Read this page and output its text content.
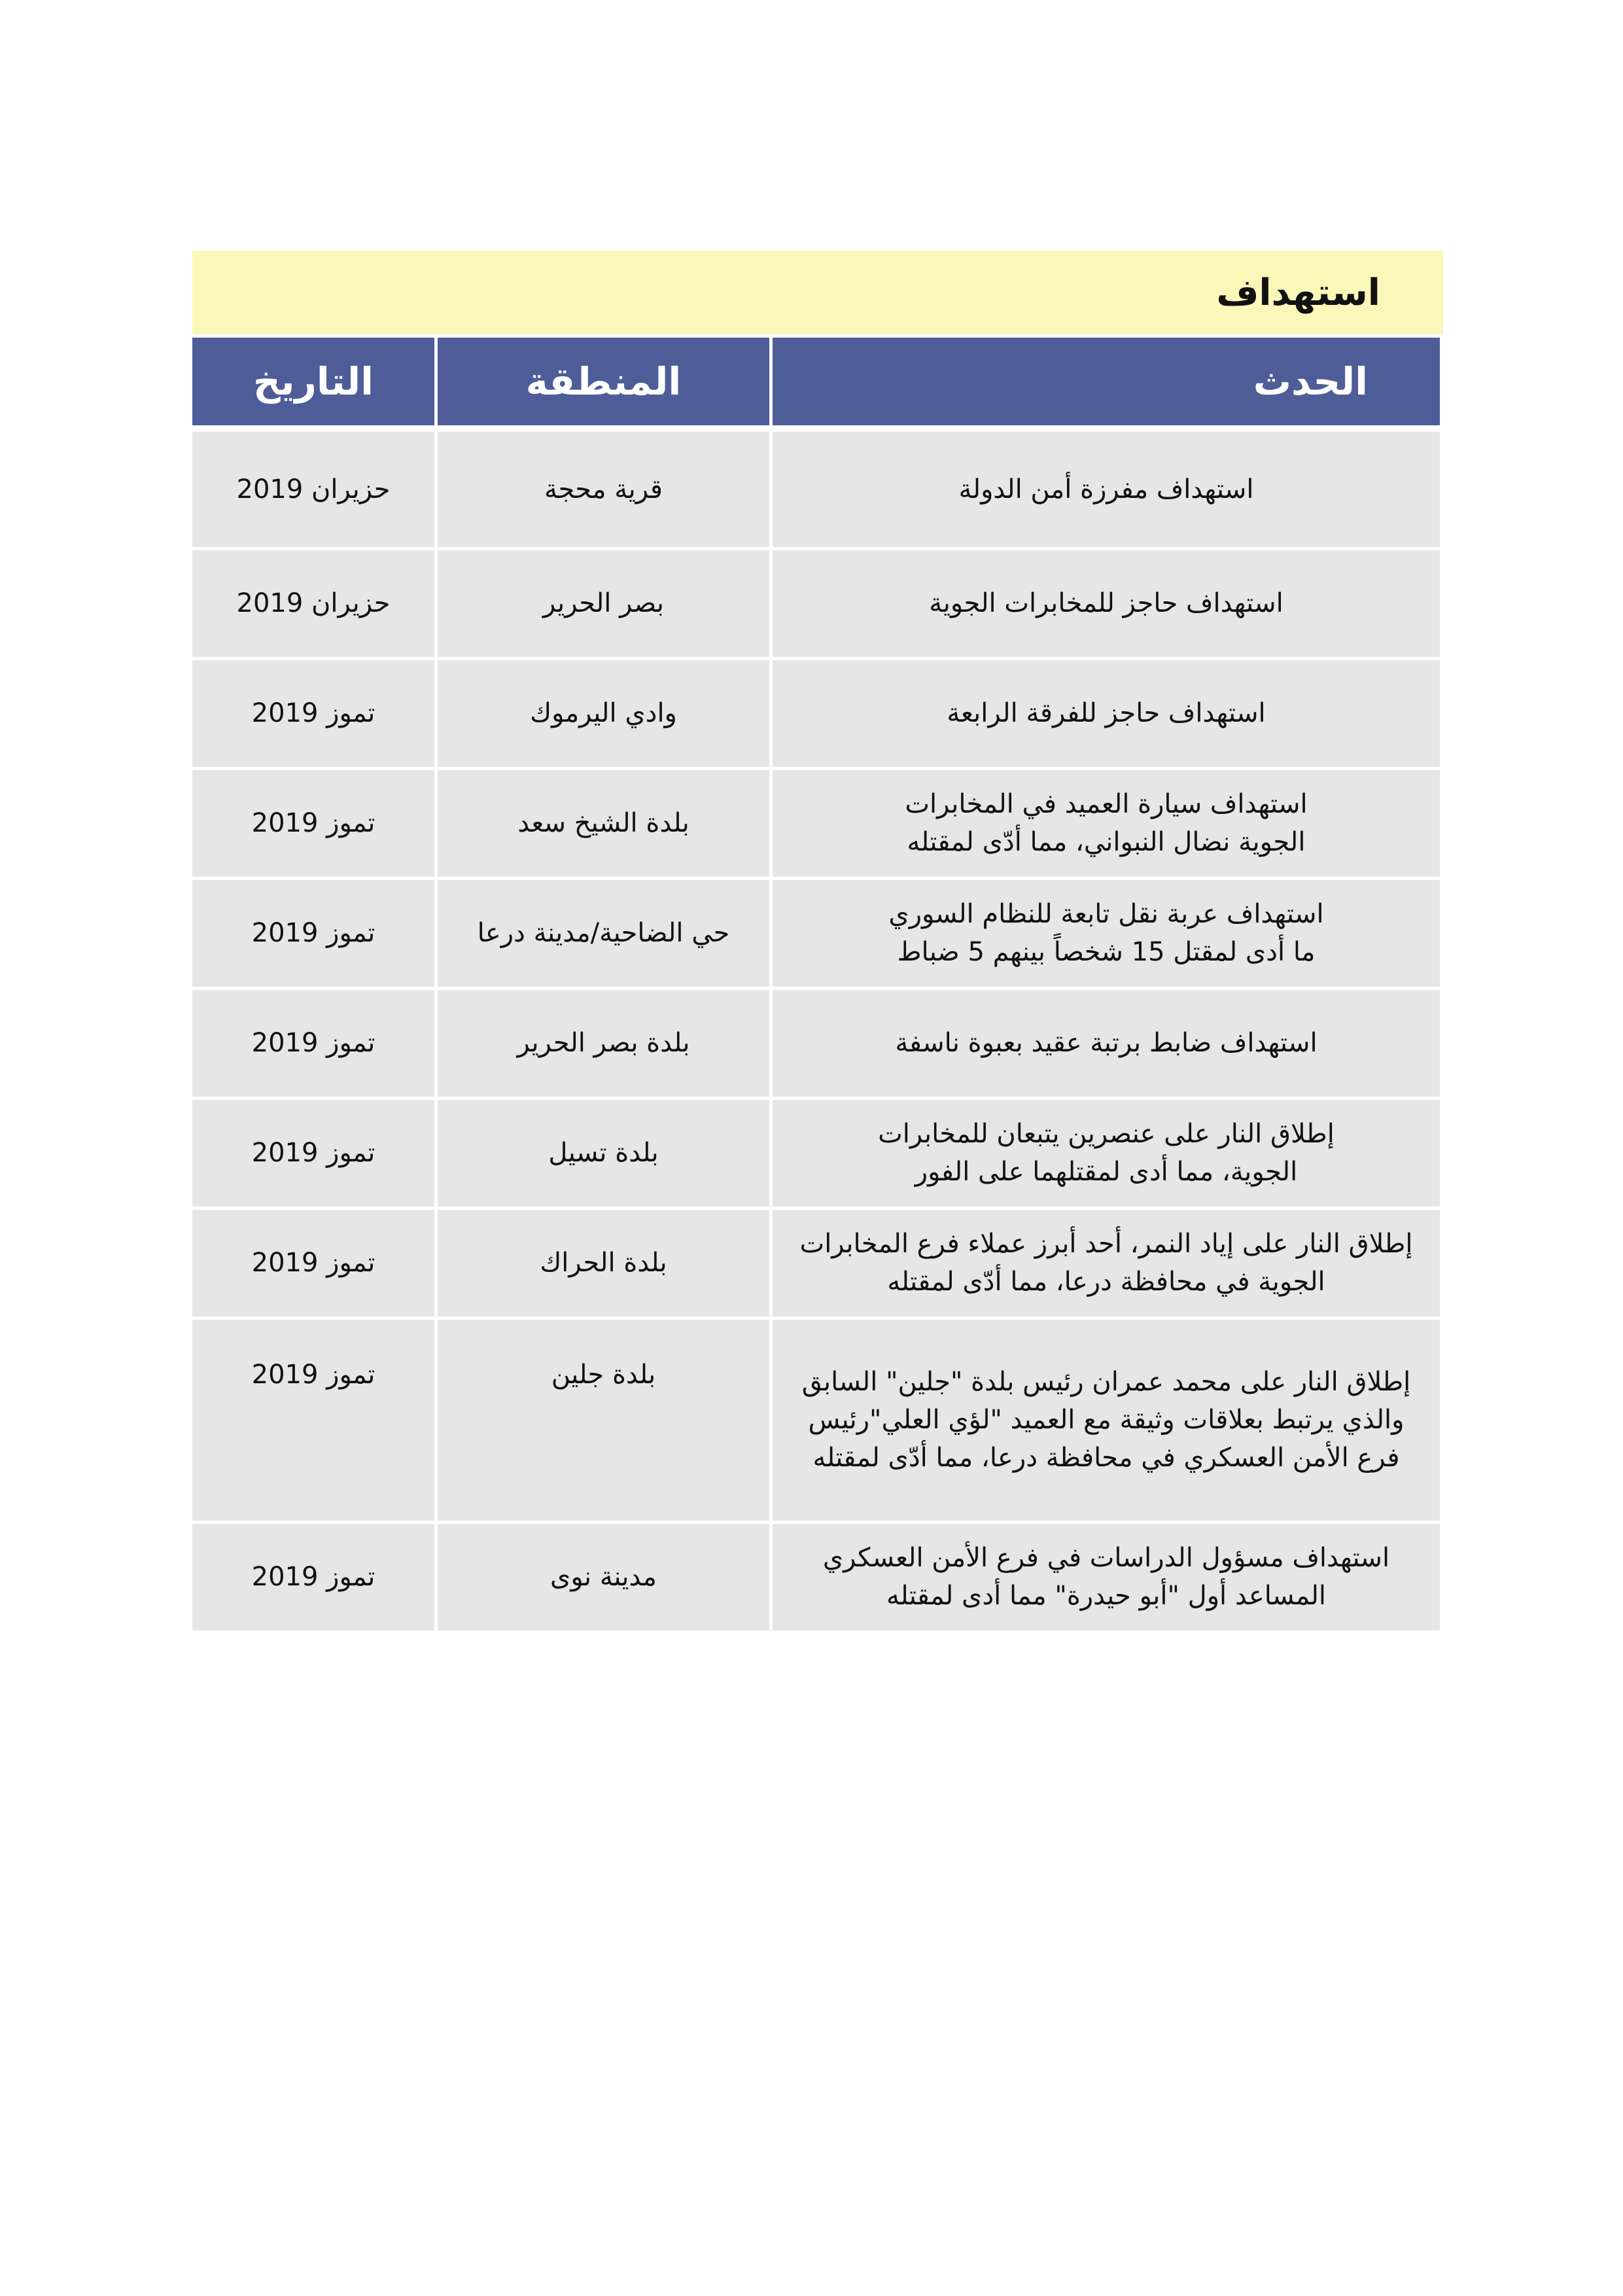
استهداف
الحدث	المنطقة	التاريخ

استهداف مفرزة أمن الدولة	قرية محجة	حزيران 2019

استهداف حاجز للمخابرات الجوية	بصر الحرير	حزيران 2019

استهداف حاجز للفرقة الرابعة	وادي اليرموك	تموز 2019

استهداف سيارة العميد في المخابرات
الجوية نضال النبواني، مما أدّى لمقتله	بلدة الشيخ سعد	تموز 2019

استهداف عربة نقل تابعة للنظام السوري
ما أدى لمقتل 15 شخصاً بينهم 5 ضباط	حي الضاحية/مدينة درعا	تموز 2019

استهداف ضابط برتبة عقيد بعبوة ناسفة	بلدة بصر الحرير	تموز 2019

إطلاق النار على عنصرين يتبعان للمخابرات
الجوية، مما أدى لمقتلهما على الفور	بلدة تسيل	تموز 2019

إطلاق النار على إياد النمر، أحد أبرز عملاء فرع المخابرات
الجوية في محافظة درعا، مما أدّى لمقتله	بلدة الحراك	تموز 2019

إطلاق النار على محمد عمران رئيس بلدة "جلين" السابق
والذي يرتبط بعلاقات وثيقة مع العميد "لؤي العلي"رئيس
فرع الأمن العسكري في محافظة درعا، مما أدّى لمقتله	بلدة جلين	تموز 2019

استهداف مسؤول الدراسات في فرع الأمن العسكري
المساعد أول "أبو حيدرة" مما أدى لمقتله	مدينة نوى	تموز 2019
